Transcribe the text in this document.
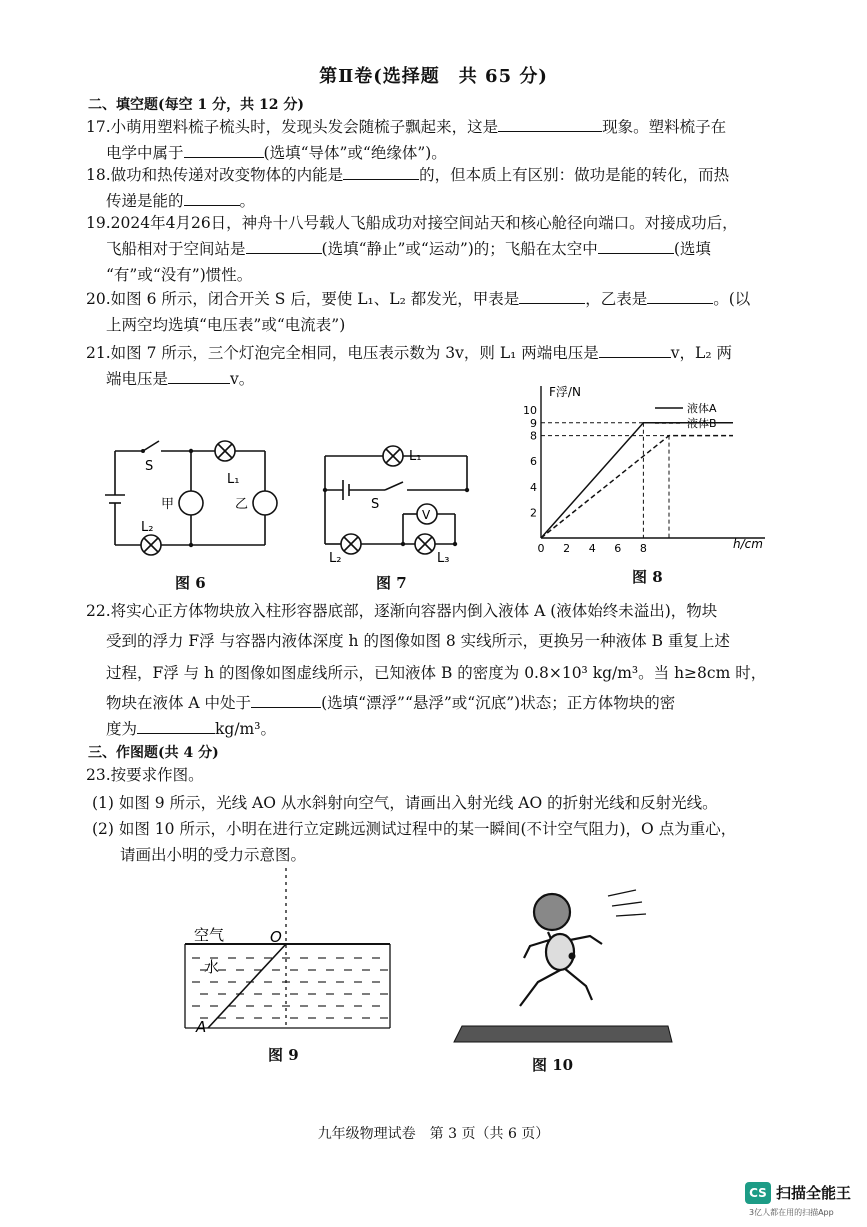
第Ⅱ卷(选择题　共 65 分)
二、填空题(每空 1 分，共 12 分)
17.小萌用塑料梳子梳头时，发现头发会随梳子飘起来，这是	现象。塑料梳子在
电学中属于	(选填“导体”或“绝缘体”)。
18.做功和热传递对改变物体的内能是	的，但本质上有区别：做功是能的转化，而热
传递是能的	。
19.2024年4月26日，神舟十八号载人飞船成功对接空间站天和核心舱径向端口。对接成功后，
飞船相对于空间站是	(选填“静止”或“运动”)的；飞船在太空中	(选填
“有”或“没有”)惯性。
20.如图 6 所示，闭合开关 S 后，要使 L₁、L₂ 都发光，甲表是	，乙表是	。(以
上两空均选填“电压表”或“电流表”)
21.如图 7 所示，三个灯泡完全相同，电压表示数为 3v，则 L₁ 两端电压是	v，L₂ 两
端电压是	v。
S
L₁
L₂
甲	乙
图 6
L₁
S
V
L₂	L₃
图 7
F浮/N
h/cm
液体A
液体B
10
9
8
6
4
2
0 2 4 6 8
图 8
22.将实心正方体物块放入柱形容器底部，逐渐向容器内倒入液体 A (液体始终未溢出)，物块
受到的浮力 F浮 与容器内液体深度 h 的图像如图 8 实线所示，更换另一种液体 B 重复上述
过程，F浮 与 h 的图像如图虚线所示，已知液体 B 的密度为 0.8×10³ kg/m³。当 h≥8cm 时，
物块在液体 A 中处于	(选填“漂浮”“悬浮”或“沉底”)状态；正方体物块的密
度为	kg/m³。
三、作图题(共 4 分)
23.按要求作图。
(1) 如图 9 所示，光线 AO 从水斜射向空气，请画出入射光线 AO 的折射光线和反射光线。
(2) 如图 10 所示，小明在进行立定跳远测试过程中的某一瞬间(不计空气阻力)，O 点为重心，
请画出小明的受力示意图。
空气
水
O
A
图 9
图 10
九年级物理试卷　第 3 页（共 6 页）
CS 扫描全能王
3亿人都在用的扫描App
